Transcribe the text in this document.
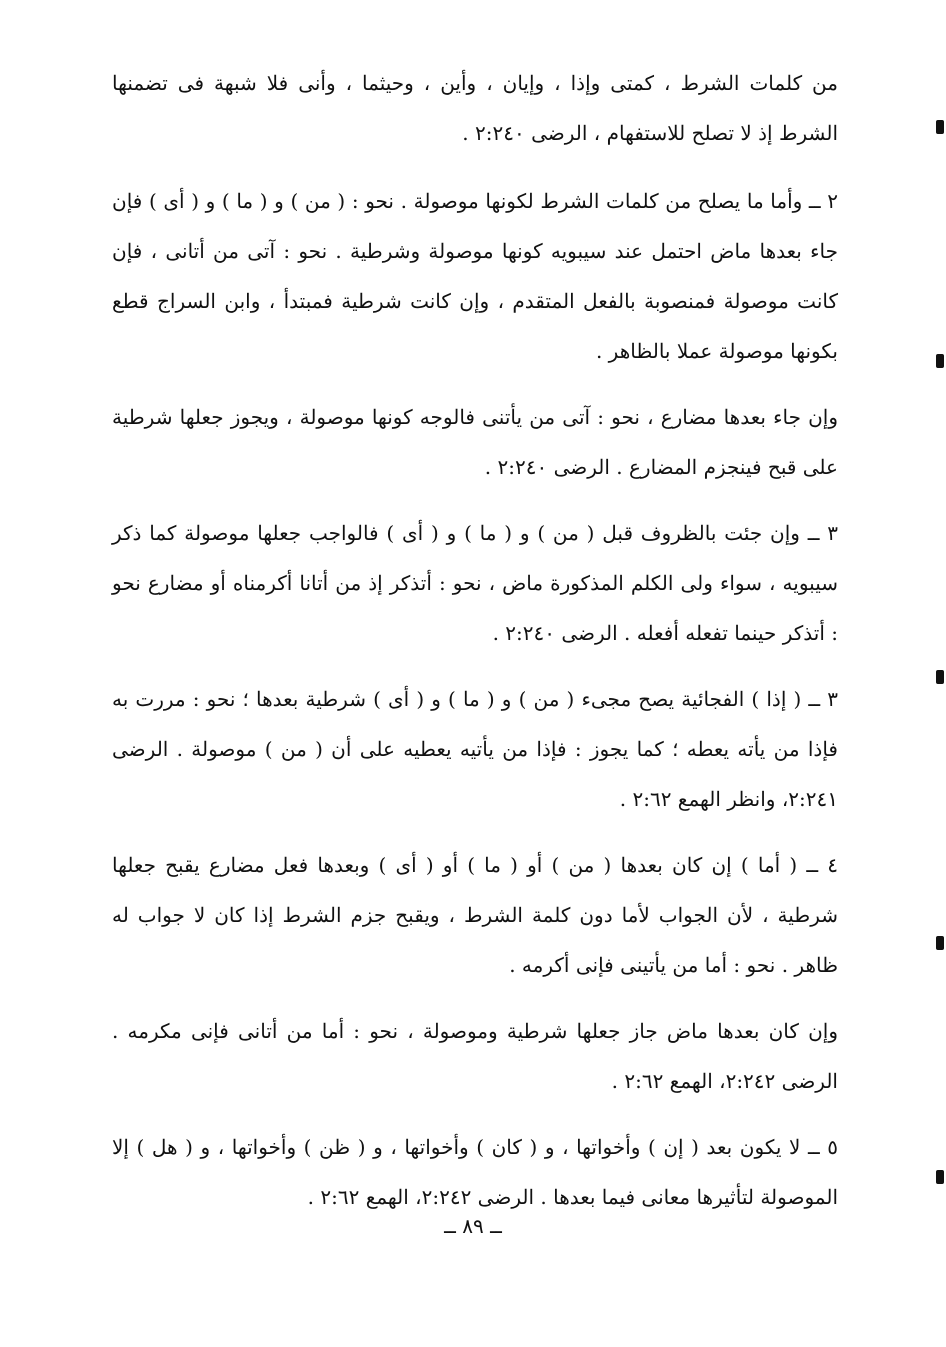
من كلمات الشرط ، كمتى وإذا ، وإيان ، وأين ، وحيثما ، وأنى فلا شبهة فى تضمنها الشرط إذ لا تصلح للاستفهام ، الرضى ٢:٢٤٠ .

٢ ــ وأما ما يصلح من كلمات الشرط لكونها موصولة . نحو : ( من ) و ( ما ) و ( أى ) فإن جاء بعدها ماض احتمل عند سيبويه كونها موصولة وشرطية . نحو : آتى من أتانى ، فإن كانت موصولة فمنصوبة بالفعل المتقدم ، وإن كانت شرطية فمبتدأ ، وابن السراج قطع بكونها موصولة عملا بالظاهر .

وإن جاء بعدها مضارع ، نحو : آتى من يأتنى فالوجه كونها موصولة ، ويجوز جعلها شرطية على قبح فينجزم المضارع . الرضى ٢:٢٤٠ .

٣ ــ وإن جئت بالظروف قبل ( من ) و ( ما ) و ( أى ) فالواجب جعلها موصولة كما ذكر سيبويه ، سواء ولى الكلم المذكورة ماض ، نحو : أتذكر إذ من أتانا أكرمناه أو مضارع نحو : أتذكر حينما تفعله أفعله . الرضى ٢:٢٤٠ .

٣ ــ ( إذا ) الفجائية يصح مجىء ( من ) و ( ما ) و ( أى ) شرطية بعدها ؛ نحو : مررت به فإذا من يأته يعطه ؛ كما يجوز : فإذا من يأتيه يعطيه على أن ( من ) موصولة . الرضى ٢:٢٤١، وانظر الهمع ٢:٦٢ .

٤ ــ ( أما ) إن كان بعدها ( من ) أو ( ما ) أو ( أى ) وبعدها فعل مضارع يقبح جعلها شرطية ، لأن الجواب لأما دون كلمة الشرط ، ويقبح جزم الشرط إذا كان لا جواب له ظاهر . نحو : أما من يأتينى فإنى أكرمه .

وإن كان بعدها ماض جاز جعلها شرطية وموصولة ، نحو : أما من أتانى فإنى مكرمه . الرضى ٢:٢٤٢، الهمع ٢:٦٢ .

٥ ــ لا يكون بعد ( إن ) وأخواتها ، و ( كان ) وأخواتها ، و ( ظن ) وأخواتها ، و ( هل ) إلا الموصولة لتأثيرها معانى فيما بعدها . الرضى ٢:٢٤٢، الهمع ٢:٦٢ .

ــ ٨٩ ــ
